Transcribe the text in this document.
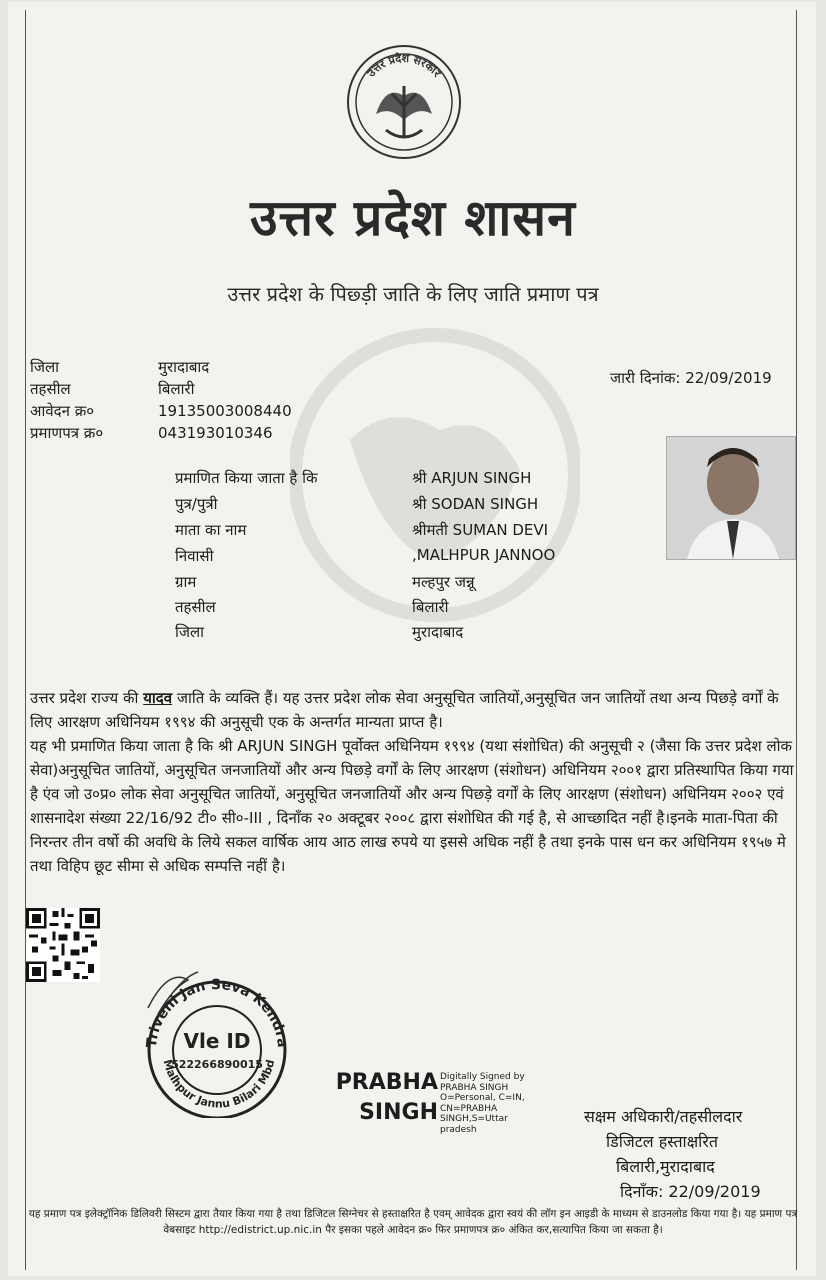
उत्तर प्रदेश सरकार
उत्तर प्रदेश शासन
उत्तर प्रदेश के पिछ्ड़ी जाति के लिए जाति प्रमाण पत्र
जिला	मुरादाबाद
तहसील	बिलारी
आवेदन क्र०	19135003008440
प्रमाणपत्र क्र०	043193010346
जारी दिनांक: 22/09/2019
प्रमाणित किया जाता है कि	श्री ARJUN SINGH
पुत्र/पुत्री	श्री SODAN SINGH
माता का नाम	श्रीमती SUMAN DEVI
निवासी	,MALHPUR JANNOO
ग्राम	मल्हपुर जन्नू
तहसील	बिलारी
जिला	मुरादाबाद
उत्तर प्रदेश राज्य की यादव जाति के व्यक्ति हैं। यह उत्तर प्रदेश लोक सेवा अनुसूचित जातियों,अनुसूचित जन जातियों तथा अन्य पिछड़े वर्गों के लिए आरक्षण अधिनियम १९९४ की अनुसूची एक के अन्तर्गत मान्यता प्राप्त है।
यह भी प्रमाणित किया जाता है कि श्री ARJUN SINGH पूर्वोक्त अधिनियम १९९४ (यथा संशोधित) की अनुसूची २ (जैसा कि उत्तर प्रदेश लोक सेवा)अनुसूचित जातियों, अनुसूचित जनजातियों और अन्य पिछड़े वर्गों के लिए आरक्षण (संशोधन) अधिनियम २००१ द्वारा प्रतिस्थापित किया गया है एंव जो उ०प्र० लोक सेवा अनुसूचित जातियों, अनुसूचित जनजातियों और अन्य पिछड़े वर्गों के लिए आरक्षण (संशोधन) अधिनियम २००२ एवं शासनादेश संख्या 22/16/92 टी० सी०-III , दिनाँक २० अक्टूबर २००८ द्वारा संशोधित की गई है, से आच्छादित नहीं है।इनके माता-पिता की निरन्तर तीन वर्षो की अवधि के लिये सकल वार्षिक आय आठ लाख रुपये या इससे अधिक नहीं है तथा इनके पास धन कर अधिनियम १९५७ मे तथा विहिप छूट सीमा से अधिक सम्पत्ति नहीं है।
Triveni Jan Seva Kendra
Malhpur Jannu Bilari Mbd
Vle ID
522266890015
PRABHA
SINGH
Digitally Signed by
PRABHA SINGH
O=Personal, C=IN,
CN=PRABHA
SINGH,S=Uttar
pradesh
सक्षम अधिकारी/तहसीलदार
डिजिटल हस्ताक्षरित
बिलारी,मुरादाबाद
दिनाँक: 22/09/2019
यह प्रमाण पत्र इलेक्ट्रॉनिक डिलिवरी सिस्टम द्वारा तैयार किया गया है तथा डिजिटल सिग्नेचर से हस्ताक्षरित है एवम् आवेदक द्वारा स्वयं की लॉग इन आइडी के माध्यम से डाउनलोड किया गया है। यह प्रमाण पत्र वेबसाइट http://edistrict.up.nic.in पैर इसका पहले आवेदन क्र० फिर प्रमाणपत्र क्र० अंकित कर,सत्यापित किया जा सकता है।
